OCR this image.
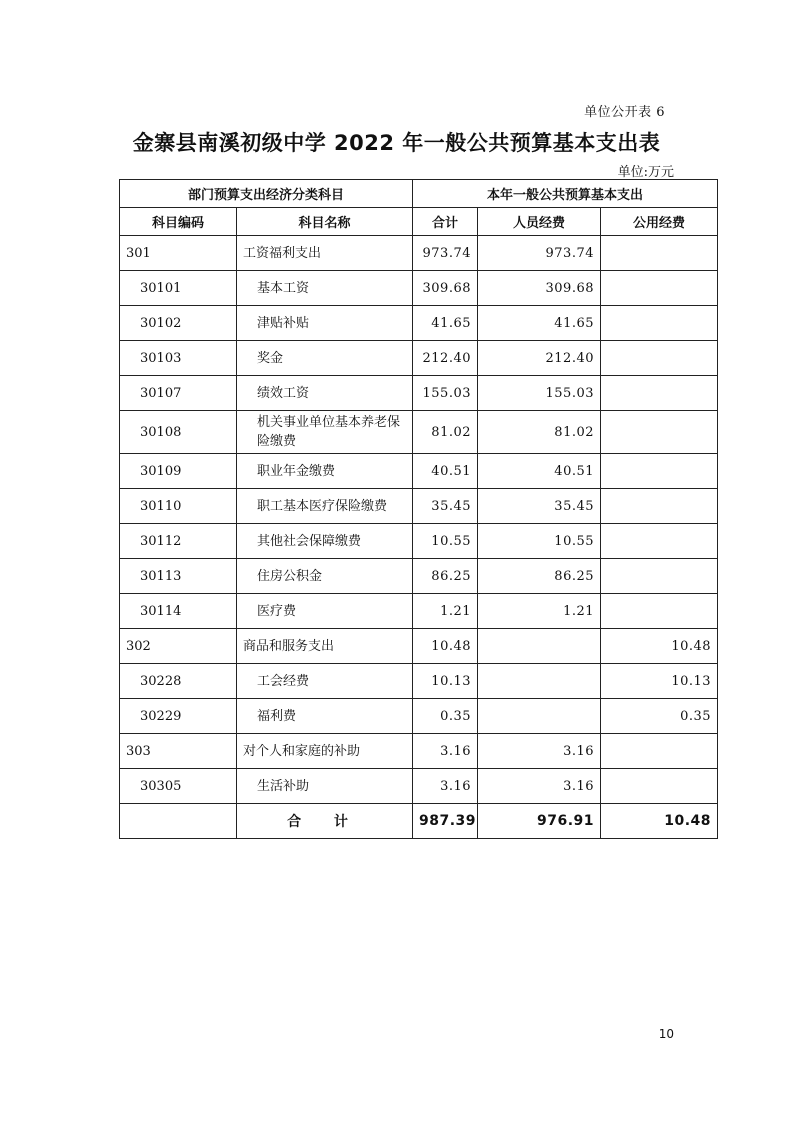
单位公开表 6
金寨县南溪初级中学 2022 年一般公共预算基本支出表
单位:万元
部门预算支出经济分类科目		本年一般公共预算基本支出		
科目编码	科目名称	合计	人员经费	公用经费
301	工资福利支出	973.74	973.74	
30101	基本工资	309.68	309.68	
30102	津贴补贴	41.65	41.65	
30103	奖金	212.40	212.40	
30107	绩效工资	155.03	155.03	
30108	机关事业单位基本养老保险缴费	81.02	81.02	
30109	职业年金缴费	40.51	40.51	
30110	职工基本医疗保险缴费	35.45	35.45	
30112	其他社会保障缴费	10.55	10.55	
30113	住房公积金	86.25	86.25	
30114	医疗费	1.21	1.21	
302	商品和服务支出	10.48		10.48
30228	工会经费	10.13		10.13
30229	福利费	0.35		0.35
303	对个人和家庭的补助	3.16	3.16	
30305	生活补助	3.16	3.16	
	合 计	987.39	976.91	10.48
10
